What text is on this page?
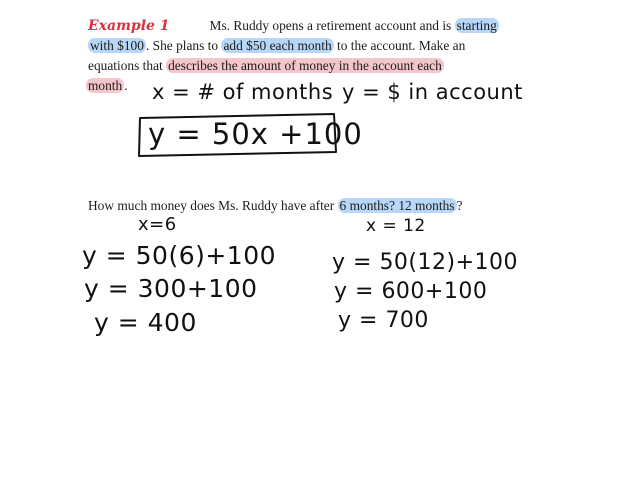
Example 1	Ms. Ruddy opens a retirement account and is starting
with $100 . She plans to add $50 each month to the account. Make an
equations that describes the amount of money in the account each
month . x = # of months y = $ in account
y = 50x +100
How much money does Ms. Ruddy have after 6 months? 12 months ?
x=6
y = 50(6)+100
y = 300+100
y = 400
x = 12
y = 50(12)+100
y = 600+100
y = 700
